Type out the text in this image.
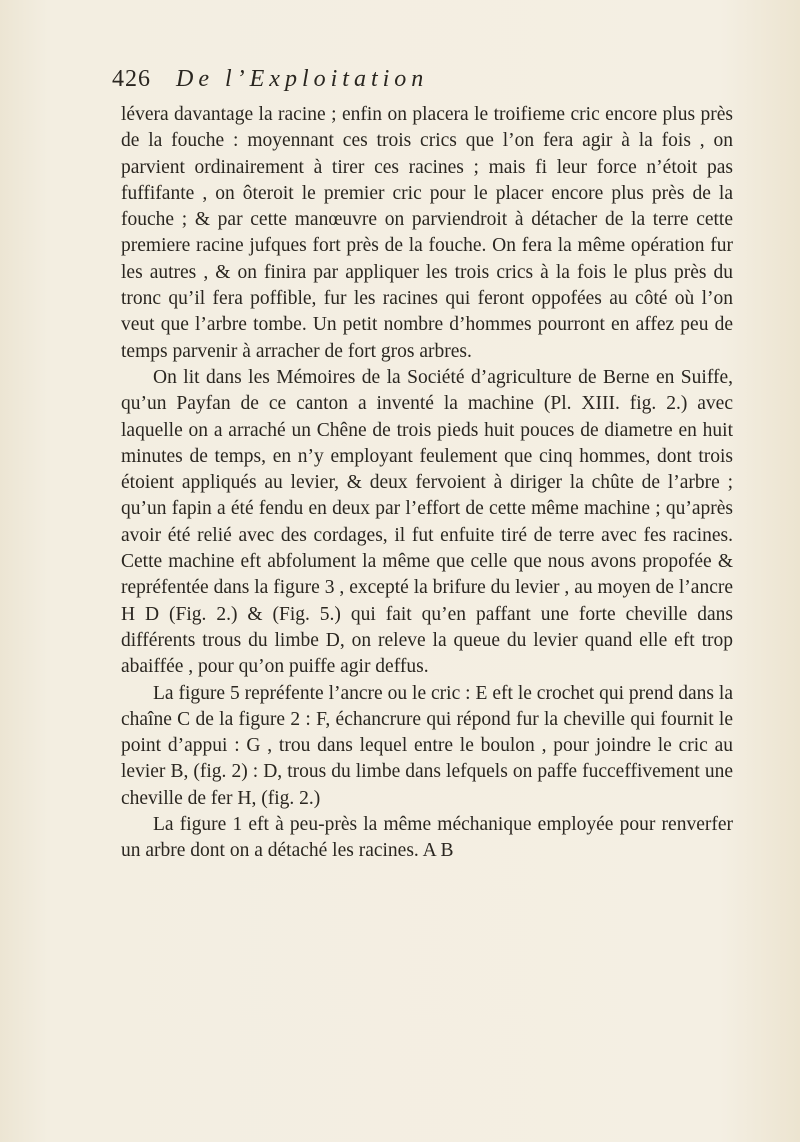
426 De l’Exploitation

lévera davantage la racine ; enfin on placera le troifieme cric encore plus près de la fouche : moyennant ces trois crics que l’on fera agir à la fois , on parvient ordinairement à tirer ces racines ; mais fi leur force n’étoit pas fuffifante , on ôteroit le premier cric pour le placer encore plus près de la fouche ; & par cette manœuvre on parviendroit à détacher de la terre cette premiere racine jufques fort près de la fouche. On fera la même opération fur les autres , & on finira par appliquer les trois crics à la fois le plus près du tronc qu’il fera poffible, fur les racines qui feront oppofées au côté où l’on veut que l’arbre tombe. Un petit nombre d’hommes pourront en affez peu de temps parvenir à arracher de fort gros arbres.

On lit dans les Mémoires de la Société d’agriculture de Berne en Suiffe, qu’un Payfan de ce canton a inventé la machine (Pl. XIII. fig. 2.) avec laquelle on a arraché un Chêne de trois pieds huit pouces de diametre en huit minutes de temps, en n’y employant feulement que cinq hommes, dont trois étoient appliqués au levier, & deux fervoient à diriger la chûte de l’arbre ; qu’un fapin a été fendu en deux par l’effort de cette même machine ; qu’après avoir été relié avec des cordages, il fut enfuite tiré de terre avec fes racines. Cette machine eft abfolument la même que celle que nous avons propofée & repréfentée dans la figure 3 , excepté la brifure du levier , au moyen de l’ancre H D (Fig. 2.) & (Fig. 5.) qui fait qu’en paffant une forte cheville dans différents trous du limbe D, on releve la queue du levier quand elle eft trop abaiffée , pour qu’on puiffe agir deffus.

La figure 5 repréfente l’ancre ou le cric : E eft le crochet qui prend dans la chaîne C de la figure 2 : F, échancrure qui répond fur la cheville qui fournit le point d’appui : G , trou dans lequel entre le boulon , pour joindre le cric au levier B, (fig. 2) : D, trous du limbe dans lefquels on paffe fucceffivement une cheville de fer H, (fig. 2.)

La figure 1 eft à peu-près la même méchanique employée pour renverfer un arbre dont on a détaché les racines. A B
